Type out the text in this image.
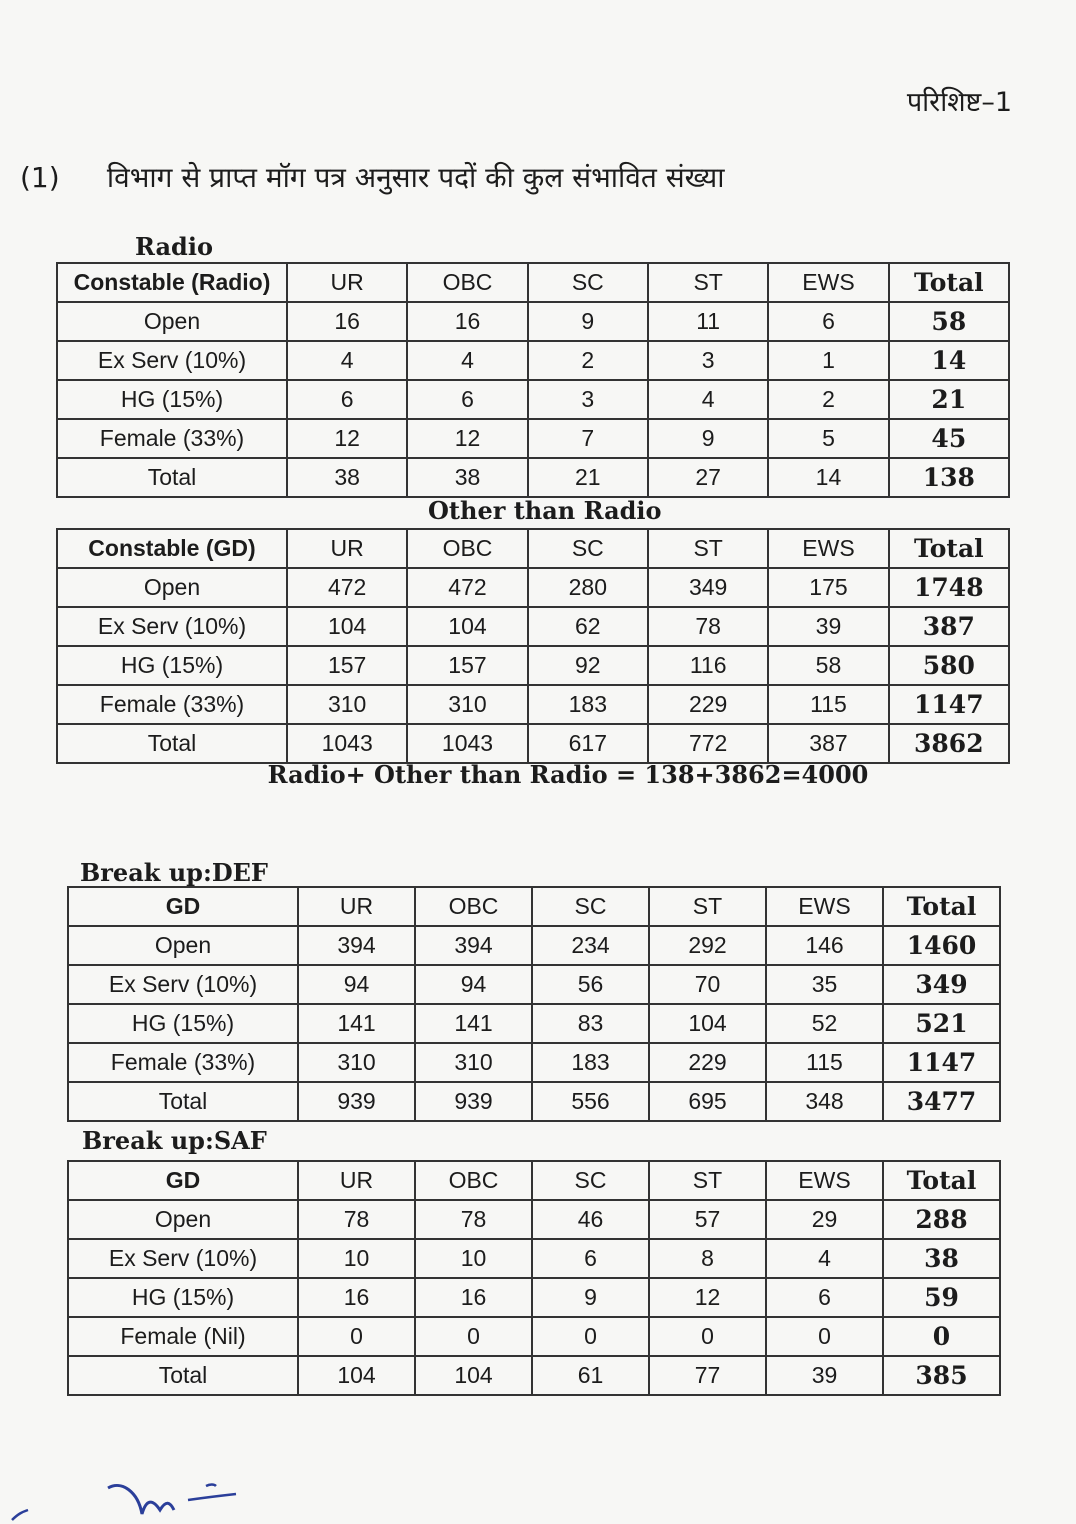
परिशिष्ट–1
(1) विभाग से प्राप्त मॉग पत्र अनुसार पदों की कुल संभावित संख्या
Radio
Constable (Radio)	UR	OBC	SC	ST	EWS	Total
Open	16	16	9	11	6	58
Ex Serv (10%)	4	4	2	3	1	14
HG (15%)	6	6	3	4	2	21
Female (33%)	12	12	7	9	5	45
Total	38	38	21	27	14	138
Other than Radio
Constable (GD)	UR	OBC	SC	ST	EWS	Total
Open	472	472	280	349	175	1748
Ex Serv (10%)	104	104	62	78	39	387
HG (15%)	157	157	92	116	58	580
Female (33%)	310	310	183	229	115	1147
Total	1043	1043	617	772	387	3862
Radio+ Other than Radio = 138+3862=4000
Break up:DEF
GD	UR	OBC	SC	ST	EWS	Total
Open	394	394	234	292	146	1460
Ex Serv (10%)	94	94	56	70	35	349
HG (15%)	141	141	83	104	52	521
Female (33%)	310	310	183	229	115	1147
Total	939	939	556	695	348	3477
Break up:SAF
GD	UR	OBC	SC	ST	EWS	Total
Open	78	78	46	57	29	288
Ex Serv (10%)	10	10	6	8	4	38
HG (15%)	16	16	9	12	6	59
Female (Nil)	0	0	0	0	0	0
Total	104	104	61	77	39	385
